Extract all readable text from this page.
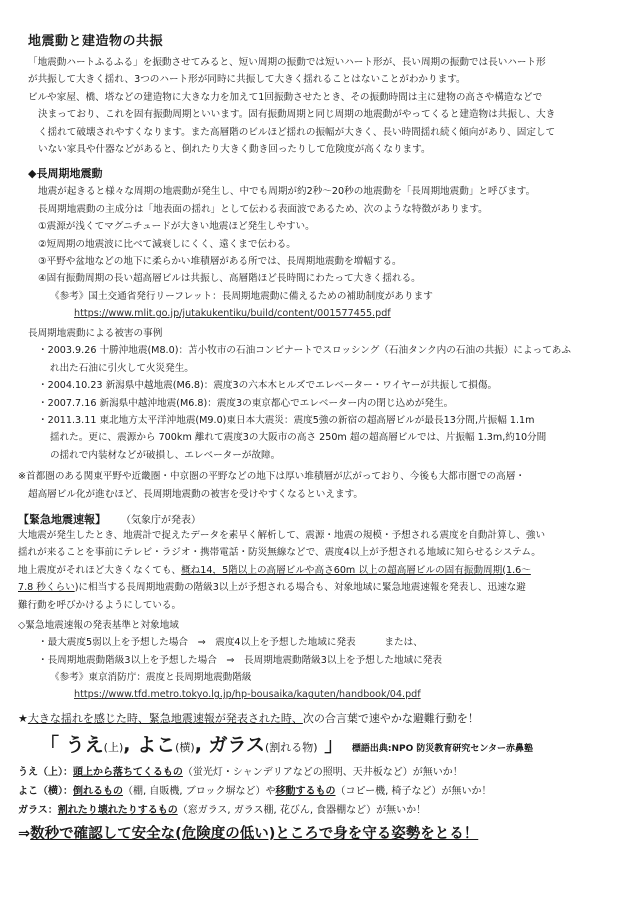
地震動と建造物の共振

「地震動ハートふるふる」を振動させてみると、短い周期の振動では短いハート形が、長い周期の振動では長いハート形

が共振して大きく揺れ、3つのハート形が同時に共振して大きく揺れることはないことがわかります。

ビルや家屋、橋、塔などの建造物に大きな力を加えて1回振動させたとき、その振動時間は主に建物の高さや構造などで

決まっており、これを固有振動周期といいます。固有振動周期と同じ周期の地震動がやってくると建造物は共振し、大き

く揺れて破壊されやすくなります。また高層階のビルほど揺れの振幅が大きく、長い時間揺れ続く傾向があり、固定して

いない家具や什器などがあると、倒れたり大きく動き回ったりして危険度が高くなります。

◆長周期地震動

地震が起きると様々な周期の地震動が発生し、中でも周期が約2秒～20秒の地震動を「長周期地震動」と呼びます。

長周期地震動の主成分は「地表面の揺れ」として伝わる表面波であるため、次のような特徴があります。

①震源が浅くてマグニチュードが大きい地震ほど発生しやすい。

②短周期の地震波に比べて減衰しにくく、遠くまで伝わる。

③平野や盆地などの地下に柔らかい堆積層がある所では、長周期地震動を増幅する。

④固有振動周期の長い超高層ビルは共振し、高層階ほど長時間にわたって大きく揺れる。

《参考》国土交通省発行リーフレット：長周期地震動に備えるための補助制度があります
https://www.mlit.go.jp/jutakukentiku/build/content/001577455.pdf

長周期地震動による被害の事例

・2003.9.26 十勝沖地震(M8.0)：苫小牧市の石油コンビナートでスロッシング（石油タンク内の石油の共振）によってあふ

れ出た石油に引火して火災発生。

・2004.10.23 新潟県中越地震(M6.8)：震度3の六本木ヒルズでエレベーター・ワイヤーが共振して損傷。

・2007.7.16 新潟県中越沖地震(M6.8)：震度3の東京都心でエレベーター内の閉じ込めが発生。

・2011.3.11 東北地方太平洋沖地震(M9.0)東日本大震災：震度5強の新宿の超高層ビルが最長13分間,片振幅 1.1m

揺れた。更に、震源から 700km 離れて震度3の大阪市の高さ 250m 超の超高層ビルでは、片振幅 1.3m,約10分間

の揺れで内装材などが破損し、エレベーターが故障。

※首都圏のある関東平野や近畿圏・中京圏の平野などの地下は厚い堆積層が広がっており、今後も大都市圏での高層・

超高層ビル化が進むほど、長周期地震動の被害を受けやすくなるといえます。

【緊急地震速報】 （気象庁が発表）

大地震が発生したとき、地震計で捉えたデータを素早く解析して、震源・地震の規模・予想される震度を自動計算し、強い

揺れが来ることを事前にテレビ・ラジオ・携帯電話・防災無線などで、震度4以上が予想される地域に知らせるシステム。

地上震度がそれほど大きくなくても、概ね14，5階以上の高層ビルや高さ60m 以上の超高層ビルの固有振動周期(1.6～

7.8 秒くらい)に相当する長周期地震動の階級3以上が予想される場合も、対象地域に緊急地震速報を発表し、迅速な避

難行動を呼びかけるようにしている。

◇緊急地震速報の発表基準と対象地域

・最大震度5弱以上を予想した場合　⇒　震度4以上を予想した地域に発表　　　または、

・長周期地震動階級3以上を予想した場合　⇒　長周期地震動階級3以上を予想した地域に発表

《参考》東京消防庁：震度と長周期地震動階級
https://www.tfd.metro.tokyo.lg.jp/hp-bousaika/kaguten/handbook/04.pdf
★大きな揺れを感じた時、緊急地震速報が発表された時、次の合言葉で速やかな避難行動を！
「 うえ(上), よこ(横), ガラス(割れる物) 」 標語出典:NPO 防災教育研究センター赤鼻塾
うえ（上）：頭上から落ちてくるもの（蛍光灯・シャンデリアなどの照明、天井板など）が無いか！
よこ（横）：倒れるもの（棚, 自販機, ブロック塀など）や移動するもの（コピー機, 椅子など）が無いか！
ガラス：割れたり壊れたりするもの（窓ガラス, ガラス棚, 花びん, 食器棚など）が無いか！
⇒数秒で確認して安全な(危険度の低い)ところで身を守る姿勢をとる！
